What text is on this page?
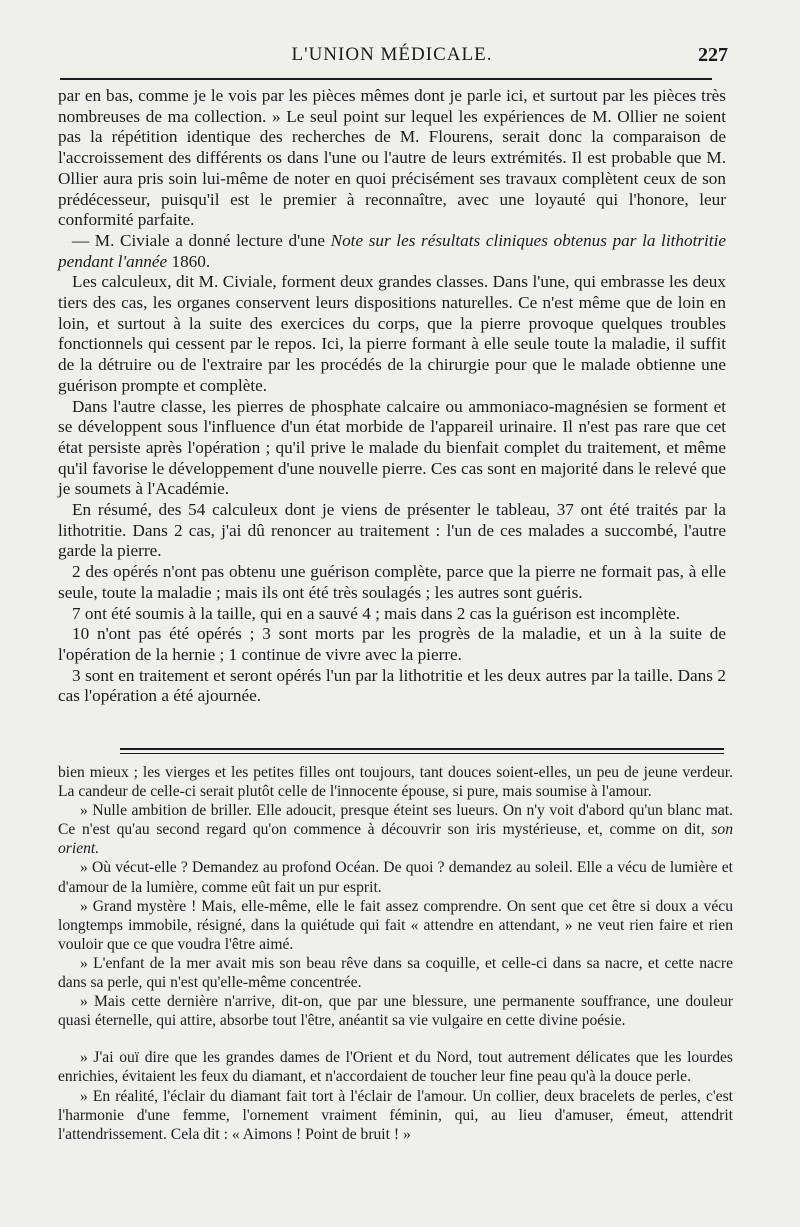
L'UNION MÉDICALE.	227

par en bas, comme je le vois par les pièces mêmes dont je parle ici, et surtout par les pièces très nombreuses de ma collection. » Le seul point sur lequel les expériences de M. Ollier ne soient pas la répétition identique des recherches de M. Flourens, serait donc la comparaison de l'accroissement des différents os dans l'une ou l'autre de leurs extrémités. Il est probable que M. Ollier aura pris soin lui-même de noter en quoi précisément ses travaux complètent ceux de son prédécesseur, puisqu'il est le premier à reconnaître, avec une loyauté qui l'honore, leur conformité parfaite.

— M. Civiale a donné lecture d'une Note sur les résultats cliniques obtenus par la lithotritie pendant l'année 1860.

Les calculeux, dit M. Civiale, forment deux grandes classes. Dans l'une, qui embrasse les deux tiers des cas, les organes conservent leurs dispositions naturelles. Ce n'est même que de loin en loin, et surtout à la suite des exercices du corps, que la pierre provoque quelques troubles fonctionnels qui cessent par le repos. Ici, la pierre formant à elle seule toute la maladie, il suffit de la détruire ou de l'extraire par les procédés de la chirurgie pour que le malade obtienne une guérison prompte et complète.

Dans l'autre classe, les pierres de phosphate calcaire ou ammoniaco-magnésien se forment et se développent sous l'influence d'un état morbide de l'appareil urinaire. Il n'est pas rare que cet état persiste après l'opération ; qu'il prive le malade du bienfait complet du traitement, et même qu'il favorise le développement d'une nouvelle pierre. Ces cas sont en majorité dans le relevé que je soumets à l'Académie.

En résumé, des 54 calculeux dont je viens de présenter le tableau, 37 ont été traités par la lithotritie. Dans 2 cas, j'ai dû renoncer au traitement : l'un de ces malades a succombé, l'autre garde la pierre.

2 des opérés n'ont pas obtenu une guérison complète, parce que la pierre ne formait pas, à elle seule, toute la maladie ; mais ils ont été très soulagés ; les autres sont guéris.

7 ont été soumis à la taille, qui en a sauvé 4 ; mais dans 2 cas la guérison est incomplète.

10 n'ont pas été opérés ; 3 sont morts par les progrès de la maladie, et un à la suite de l'opération de la hernie ; 1 continue de vivre avec la pierre.

3 sont en traitement et seront opérés l'un par la lithotritie et les deux autres par la taille. Dans 2 cas l'opération a été ajournée.

bien mieux ; les vierges et les petites filles ont toujours, tant douces soient-elles, un peu de jeune verdeur. La candeur de celle-ci serait plutôt celle de l'innocente épouse, si pure, mais soumise à l'amour.

» Nulle ambition de briller. Elle adoucit, presque éteint ses lueurs. On n'y voit d'abord qu'un blanc mat. Ce n'est qu'au second regard qu'on commence à découvrir son iris mystérieuse, et, comme on dit, son orient.

» Où vécut-elle ? Demandez au profond Océan. De quoi ? demandez au soleil. Elle a vécu de lumière et d'amour de la lumière, comme eût fait un pur esprit.

» Grand mystère ! Mais, elle-même, elle le fait assez comprendre. On sent que cet être si doux a vécu longtemps immobile, résigné, dans la quiétude qui fait « attendre en attendant, » ne veut rien faire et rien vouloir que ce que voudra l'être aimé.

» L'enfant de la mer avait mis son beau rêve dans sa coquille, et celle-ci dans sa nacre, et cette nacre dans sa perle, qui n'est qu'elle-même concentrée.

» Mais cette dernière n'arrive, dit-on, que par une blessure, une permanente souffrance, une douleur quasi éternelle, qui attire, absorbe tout l'être, anéantit sa vie vulgaire en cette divine poésie.

» J'ai ouï dire que les grandes dames de l'Orient et du Nord, tout autrement délicates que les lourdes enrichies, évitaient les feux du diamant, et n'accordaient de toucher leur fine peau qu'à la douce perle.

» En réalité, l'éclair du diamant fait tort à l'éclair de l'amour. Un collier, deux bracelets de perles, c'est l'harmonie d'une femme, l'ornement vraiment féminin, qui, au lieu d'amuser, émeut, attendrit l'attendrissement. Cela dit : « Aimons ! Point de bruit ! »
